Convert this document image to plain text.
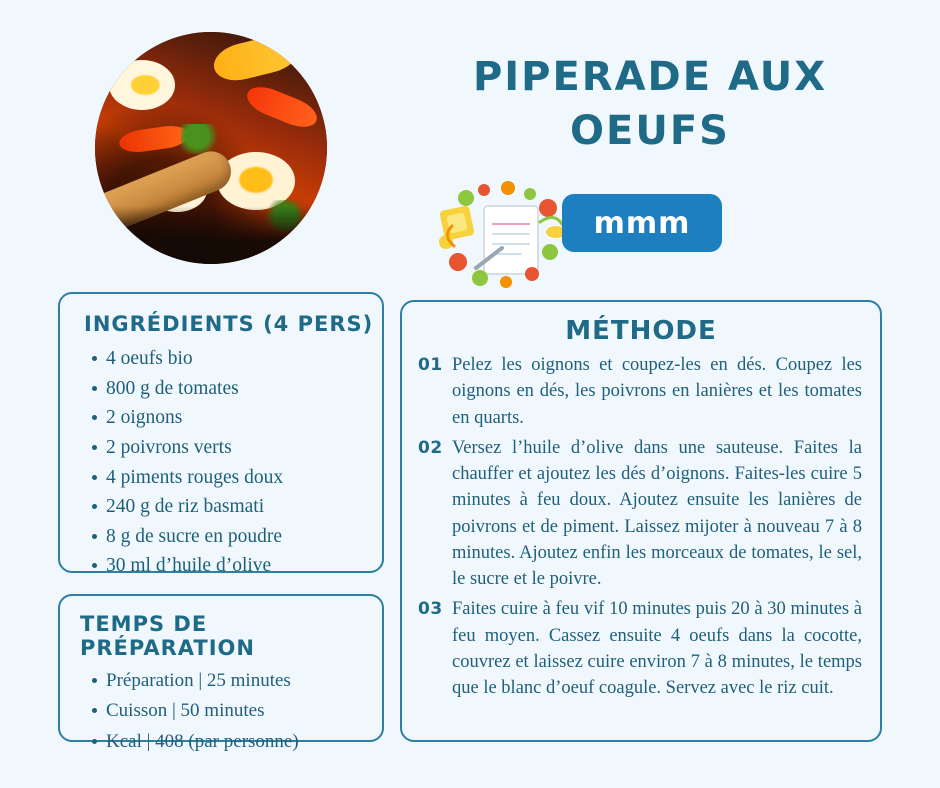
PIPERADE AUX OEUFS
mmm
INGRÉDIENTS (4 PERS)
4 oeufs bio
800 g de tomates
2 oignons
2 poivrons verts
4 piments rouges doux
240 g de riz basmati
8 g de sucre en poudre
30 ml d’huile d’olive
TEMPS DE PRÉPARATION
Préparation | 25 minutes
Cuisson | 50 minutes
Kcal | 408 (par personne)
MÉTHODE
01 Pelez les oignons et coupez-les en dés. Coupez les oignons en dés, les poivrons en lanières et les tomates en quarts.
02 Versez l’huile d’olive dans une sauteuse. Faites la chauffer et ajoutez les dés d’oignons. Faites-les cuire 5 minutes à feu doux. Ajoutez ensuite les lanières de poivrons et de piment. Laissez mijoter à nouveau 7 à 8 minutes. Ajoutez enfin les morceaux de tomates, le sel, le sucre et le poivre.
03 Faites cuire à feu vif 10 minutes puis 20 à 30 minutes à feu moyen. Cassez ensuite 4 oeufs dans la cocotte, couvrez et laissez cuire environ 7 à 8 minutes, le temps que le blanc d’oeuf coagule. Servez avec le riz cuit.
